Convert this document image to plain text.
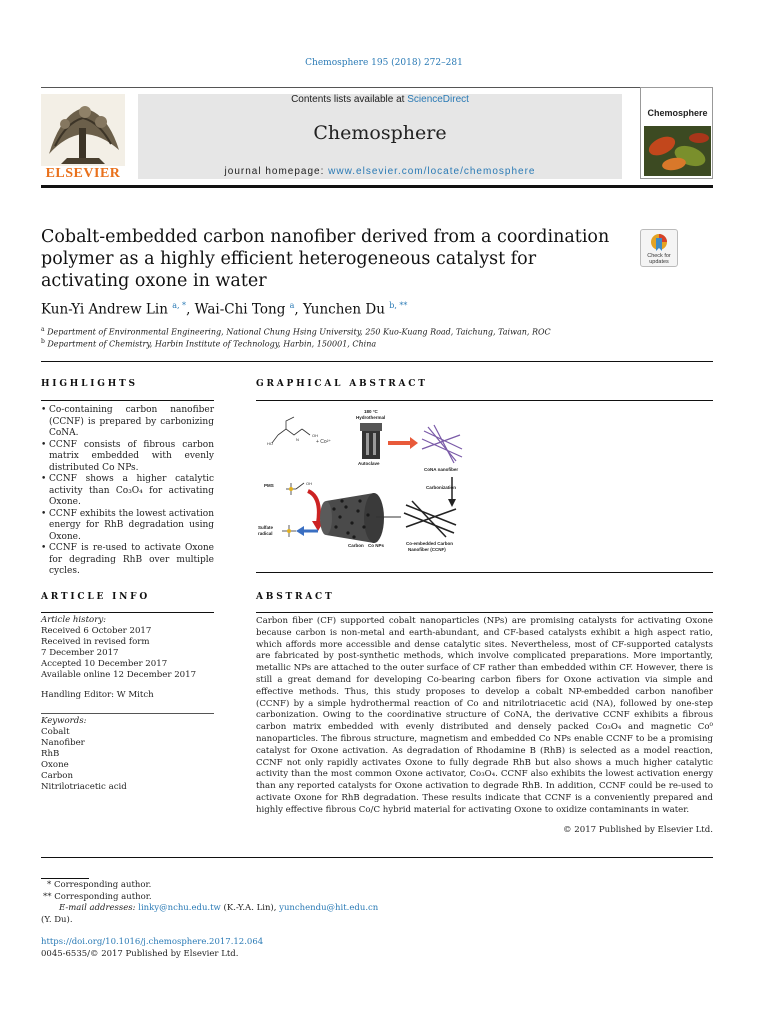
Chemosphere 195 (2018) 272–281
ELSEVIER
Contents lists available at ScienceDirect
Chemosphere
journal homepage: www.elsevier.com/locate/chemosphere
Chemosphere
Cobalt-embedded carbon nanofiber derived from a coordination polymer as a highly efficient heterogeneous catalyst for activating oxone in water
Check for
updates
Kun-Yi Andrew Lin $^{a, *}$, Wai-Chi Tong $^a$, Yunchen Du $^{b, **}$
$^a$ Department of Environmental Engineering, National Chung Hsing University, 250 Kuo-Kuang Road, Taichung, Taiwan, ROC
$^b$ Department of Chemistry, Harbin Institute of Technology, Harbin, 150001, China
HIGHLIGHTS
• Co-containing carbon nanofiber (CCNF) is prepared by carbonizing CoNA.
• CCNF consists of fibrous carbon matrix embedded with evenly distributed Co NPs.
• CCNF shows a higher catalytic activity than Co₃O₄ for activating Oxone.
• CCNF exhibits the lowest activation energy for RhB degradation using Oxone.
• CCNF is re-used to activate Oxone for degrading RhB over multiple cycles.
GRAPHICAL ABSTRACT
HO
N
OH
+ Co²⁺
180 °C
Hydrothermal
Autoclave
CoNA nanofiber
Carbonization
Co-embedded Carbon
Nanofiber (CCNF)
PMS	OH
Carbon Co NPs
Sulfate
radical
ARTICLE INFO
Article history:
Received 6 October 2017
Received in revised form
7 December 2017
Accepted 10 December 2017
Available online 12 December 2017
Handling Editor: W Mitch
Keywords:
Cobalt
Nanofiber
RhB
Oxone
Carbon
Nitrilotriacetic acid
ABSTRACT
Carbon fiber (CF) supported cobalt nanoparticles (NPs) are promising catalysts for activating Oxone because carbon is non-metal and earth-abundant, and CF-based catalysts exhibit a high aspect ratio, which affords more accessible and dense catalytic sites. Nevertheless, most of CF-supported catalysts are fabricated by post-synthetic methods, which involve complicated preparations. More importantly, metallic NPs are attached to the outer surface of CF rather than embedded within CF. However, there is still a great demand for developing Co-bearing carbon fibers for Oxone activation via simple and effective methods. Thus, this study proposes to develop a cobalt NP-embedded carbon nanofiber (CCNF) by a simple hydrothermal reaction of Co and nitrilotriacetic acid (NA), followed by one-step carbonization. Owing to the coordinative structure of CoNA, the derivative CCNF exhibits a fibrous carbon matrix embedded with evenly distributed and densely packed Co₃O₄ and magnetic Co⁰ nanoparticles. The fibrous structure, magnetism and embedded Co NPs enable CCNF to be a promising catalyst for Oxone activation. As degradation of Rhodamine B (RhB) is selected as a model reaction, CCNF not only rapidly activates Oxone to fully degrade RhB but also shows a much higher catalytic activity than the most common Oxone activator, Co₃O₄. CCNF also exhibits the lowest activation energy than any reported catalysts for Oxone activation to degrade RhB. In addition, CCNF could be re-used to activate Oxone for RhB degradation. These results indicate that CCNF is a conveniently prepared and highly effective fibrous Co/C hybrid material for activating Oxone to oxidize contaminants in water.
© 2017 Published by Elsevier Ltd.
* Corresponding author.
** Corresponding author.
E-mail addresses: linky@nchu.edu.tw (K.-Y.A. Lin), yunchendu@hit.edu.cn
(Y. Du).
https://doi.org/10.1016/j.chemosphere.2017.12.064
0045-6535/© 2017 Published by Elsevier Ltd.
